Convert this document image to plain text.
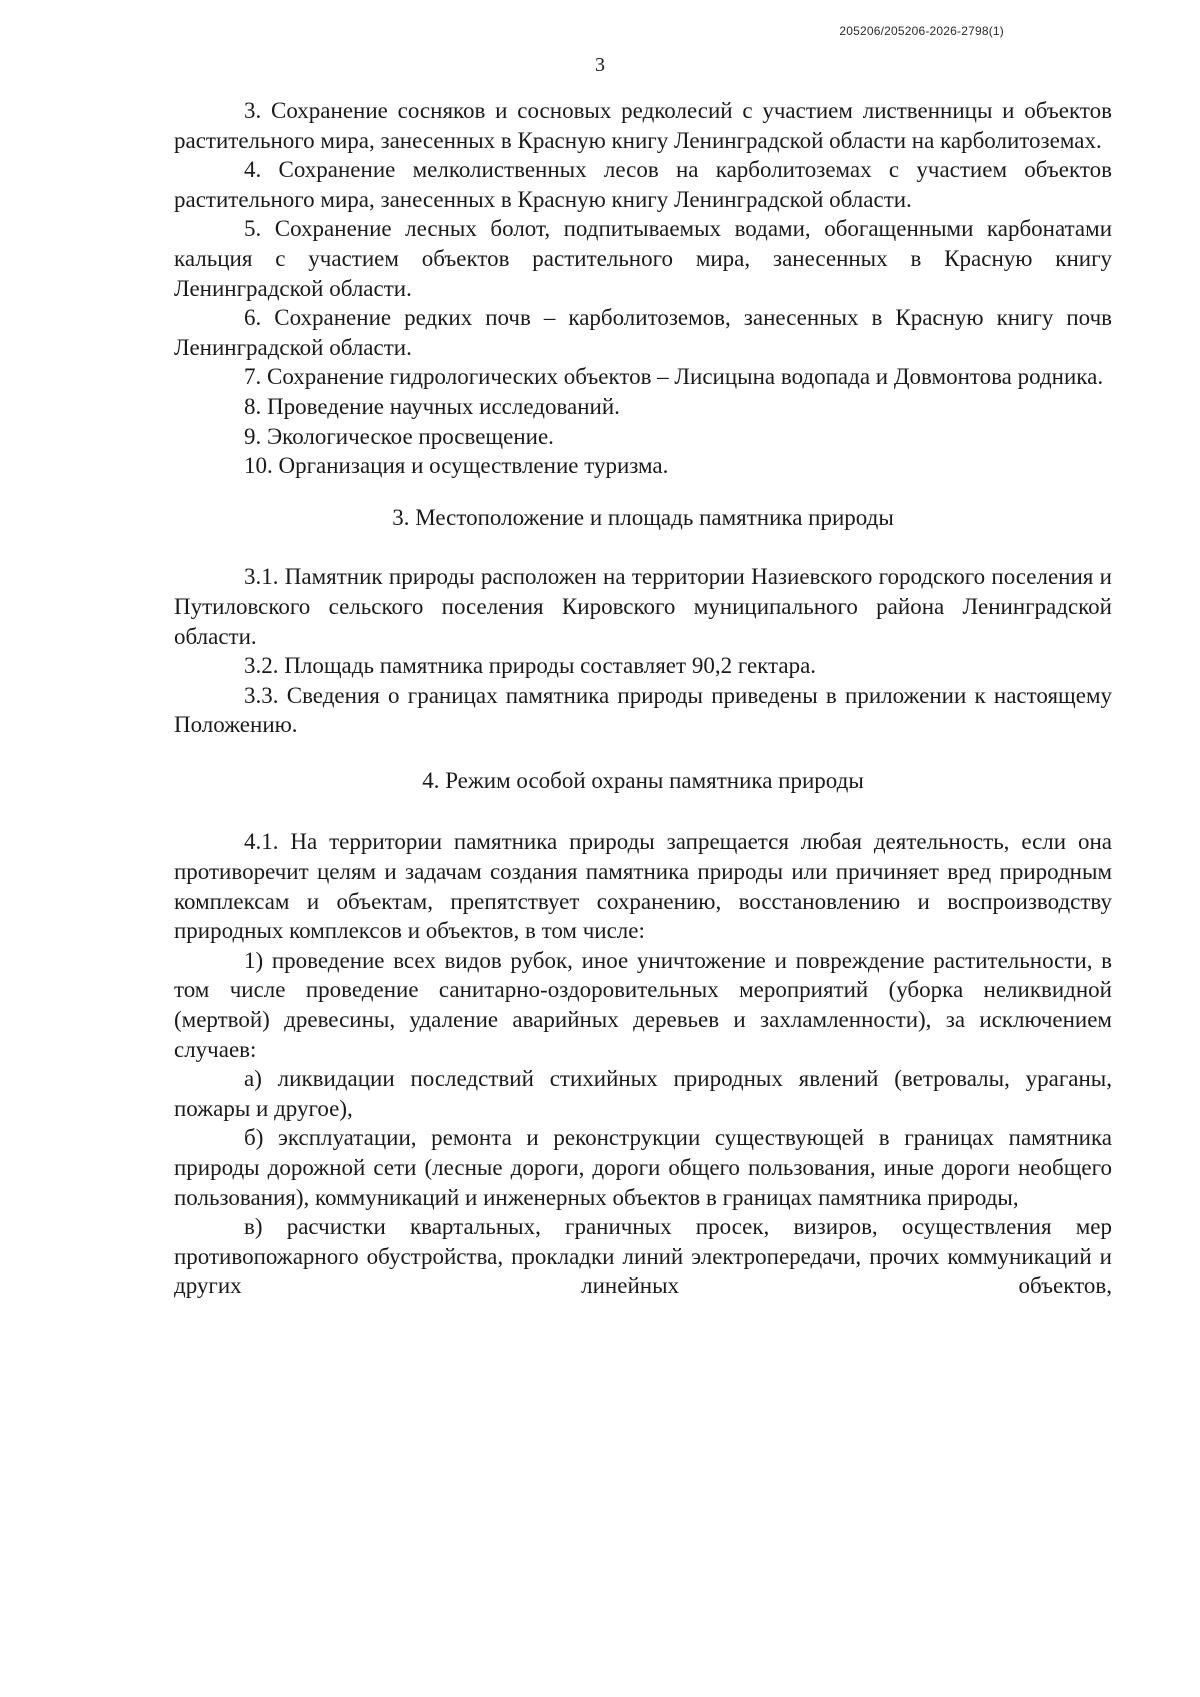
205206/205206-2026-2798(1)
3

3. Сохранение сосняков и сосновых редколесий с участием лиственницы и объектов растительного мира, занесенных в Красную книгу Ленинградской области на карболитоземах.

4. Сохранение мелколиственных лесов на карболитоземах с участием объектов растительного мира, занесенных в Красную книгу Ленинградской области.

5. Сохранение лесных болот, подпитываемых водами, обогащенными карбонатами кальция с участием объектов растительного мира, занесенных в Красную книгу Ленинградской области.

6. Сохранение редких почв – карболитоземов, занесенных в Красную книгу почв Ленинградской области.

7. Сохранение гидрологических объектов – Лисицына водопада и Довмонтова родника.

8. Проведение научных исследований.

9. Экологическое просвещение.

10. Организация и осуществление туризма.

3. Местоположение и площадь памятника природы

3.1. Памятник природы расположен на территории Назиевского городского поселения и Путиловского сельского поселения Кировского муниципального района Ленинградской области.

3.2. Площадь памятника природы составляет 90,2 гектара.

3.3. Сведения о границах памятника природы приведены в приложении к настоящему Положению.

4. Режим особой охраны памятника природы

4.1. На территории памятника природы запрещается любая деятельность, если она противоречит целям и задачам создания памятника природы или причиняет вред природным комплексам и объектам, препятствует сохранению, восстановлению и воспроизводству природных комплексов и объектов, в том числе:

1) проведение всех видов рубок, иное уничтожение и повреждение растительности, в том числе проведение санитарно-оздоровительных мероприятий (уборка неликвидной (мертвой) древесины, удаление аварийных деревьев и захламленности), за исключением случаев:

а) ликвидации последствий стихийных природных явлений (ветровалы, ураганы, пожары и другое),

б) эксплуатации, ремонта и реконструкции существующей в границах памятника природы дорожной сети (лесные дороги, дороги общего пользования, иные дороги необщего пользования), коммуникаций и инженерных объектов в границах памятника природы,

в) расчистки квартальных, граничных просек, визиров, осуществления мер противопожарного обустройства, прокладки линий электропередачи, прочих коммуникаций и других линейных объектов,
